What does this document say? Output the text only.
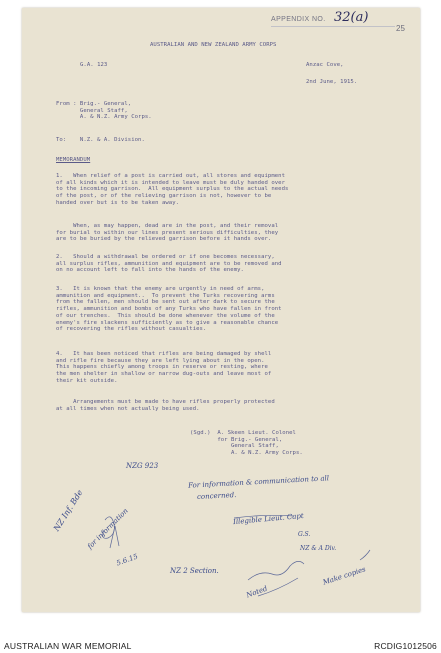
APPENDIX NO. 32(a)
25
AUSTRALIAN AND NEW ZEALAND ARMY CORPS
G.A. 123	Anzac Cove,
2nd June, 1915.
From : Brig.- General,
General Staff,
A. & N.Z. Army Corps.
To:    N.Z. & A. Division.
MEMORANDUM
1.   When relief of a post is carried out, all stores and equipment
of all kinds which it is intended to leave must be duly handed over
to the incoming garrison.  All equipment surplus to the actual needs
of the post, or of the relieving garrison is not, however to be
handed over but is to be taken away.
When, as may happen, dead are in the post, and their removal
for burial to within our lines present serious difficulties, they
are to be buried by the relieved garrison before it hands over.
2.   Should a withdrawal be ordered or if one becomes necessary,
all surplus rifles, ammunition and equipment are to be removed and
on no account left to fall into the hands of the enemy.
3.   It is known that the enemy are urgently in need of arms,
ammunition and equipment..  To prevent the Turks recovering arms
from the fallen, men should be sent out after dark to secure the
rifles, ammunition and bombs of any Turks who have fallen in front
of our trenches.  This should be done whenever the volume of the
enemy's fire slackens sufficiently as to give a reasonable chance
of recovering the rifles without casualties.
4.   It has been noticed that rifles are being damaged by shell
and rifle fire because they are left lying about in the open.
This happens chiefly among troops in reserve or resting, where
the men shelter in shallow or narrow dug-outs and leave most of
their kit outside.
Arrangements must be made to have rifles properly protected
at all times when not actually being used.
(Sgd.)  A. Skeen Lieut. Colonel
for Brig.- General,
General Staff,
A. & N.Z. Army Corps.
NZG 923
For information & communication to all
concerned.
Illegible Lieut. Capt
G.S.
NZ & A Div.
5.6.15
NZ 2 Section.
NZ Inf. Bde for information
Noted
Make copies
AUSTRALIAN WAR MEMORIAL	RCDIG1012506
